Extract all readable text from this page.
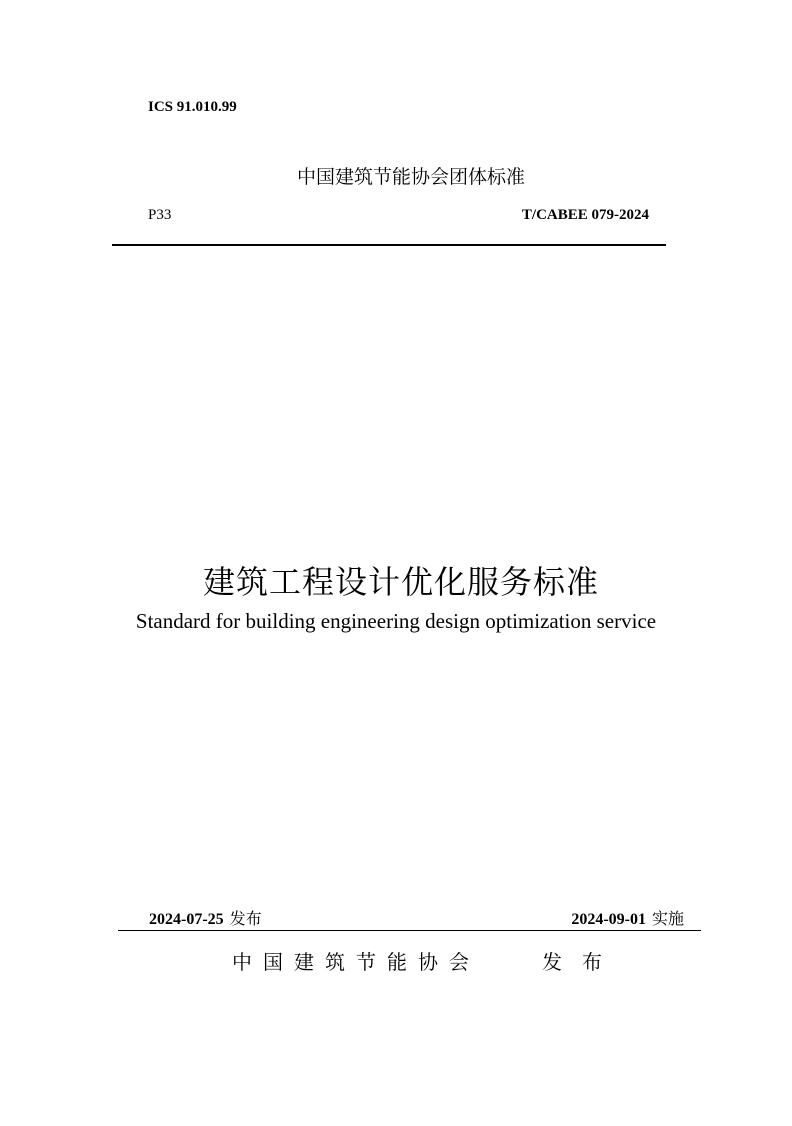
ICS 91.010.99
中国建筑节能协会团体标准
P33	T/CABEE 079-2024
建筑工程设计优化服务标准
Standard for building engineering design optimization service
2024-07-25 发布	2024-09-01 实施
中国建筑节能协会	发布
